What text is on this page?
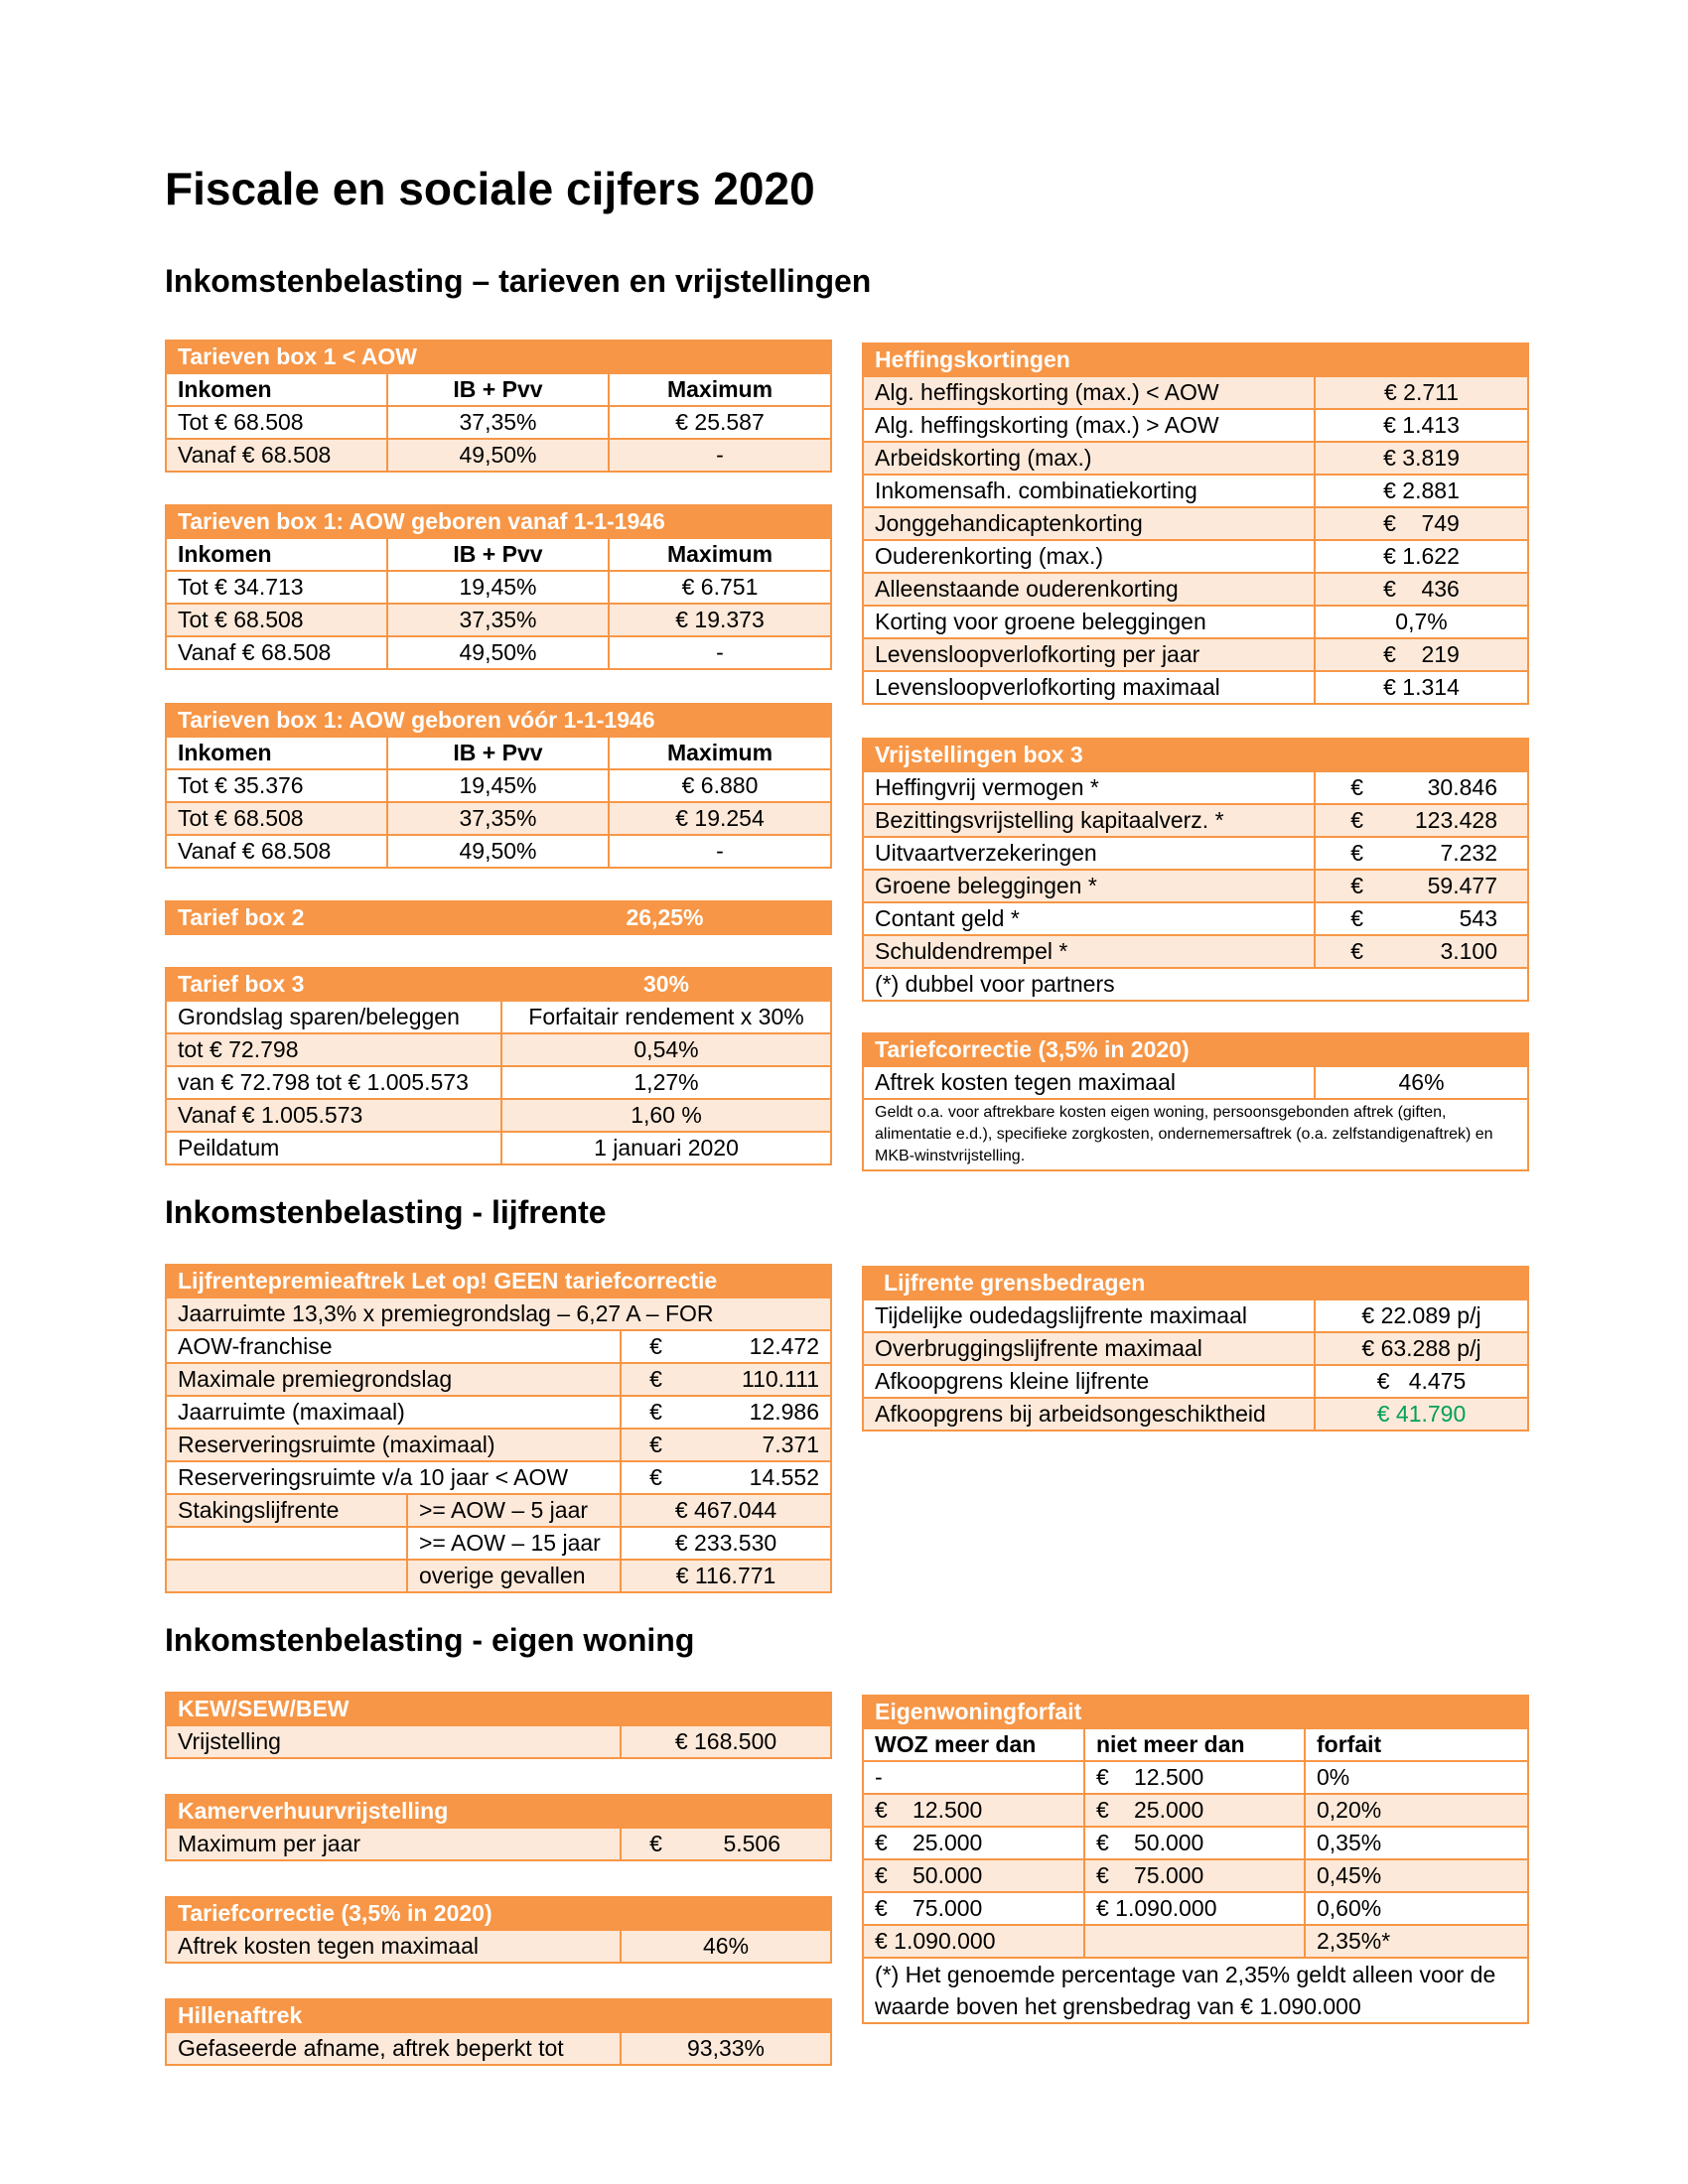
Fiscale en sociale cijfers 2020
Inkomstenbelasting – tarieven en vrijstellingen
Inkomstenbelasting - lijfrente
Inkomstenbelasting - eigen woning
Tarieven box 1 < AOW		
Inkomen	IB + Pvv	Maximum
Tot € 68.508	37,35%	€ 25.587
Vanaf € 68.508	49,50%	-
Tarieven box 1: AOW geboren vanaf 1-1-1946		
Inkomen	IB + Pvv	Maximum
Tot € 34.713	19,45%	€ 6.751
Tot € 68.508	37,35%	€ 19.373
Vanaf € 68.508	49,50%	-
Tarieven box 1: AOW geboren vóór 1-1-1946		
Inkomen	IB + Pvv	Maximum
Tot € 35.376	19,45%	€ 6.880
Tot € 68.508	37,35%	€ 19.254
Vanaf € 68.508	49,50%	-
Tarief box 2	26,25%
Tarief box 3	30%
Grondslag sparen/beleggen	Forfaitair rendement x 30%
tot € 72.798	0,54%
van € 72.798 tot € 1.005.573	1,27%
Vanaf € 1.005.573	1,60 %
Peildatum	1 januari 2020
Heffingskortingen	
Alg. heffingskorting (max.) < AOW	€ 2.711
Alg. heffingskorting (max.) > AOW	€ 1.413
Arbeidskorting (max.)	€ 3.819
Inkomensafh. combinatiekorting	€ 2.881
Jonggehandicaptenkorting	€    749
Ouderenkorting (max.)	€ 1.622
Alleenstaande ouderenkorting	€    436
Korting voor groene beleggingen	0,7%
Levensloopverlofkorting per jaar	€    219
Levensloopverlofkorting maximaal	€ 1.314
Vrijstellingen box 3		
Heffingvrij vermogen *	€	30.846
Bezittingsvrijstelling kapitaalverz. *	€	123.428
Uitvaartverzekeringen	€	7.232
Groene beleggingen *	€	59.477
Contant geld *	€	543
Schuldendrempel *	€	3.100
(*) dubbel voor partners		
Tariefcorrectie (3,5% in 2020)
Aftrek kosten tegen maximaal	46%
Geldt o.a. voor aftrekbare kosten eigen woning, persoonsgebonden aftrek (giften, alimentatie e.d.), specifieke zorgkosten, ondernemersaftrek (o.a. zelfstandigenaftrek) en MKB-winstvrijstelling.
Lijfrentepremieaftrek Let op! GEEN tariefcorrectie			
Jaarruimte 13,3% x premiegrondslag – 6,27 A – FOR			
AOW-franchise		€	12.472
Maximale premiegrondslag		€	110.111
Jaarruimte (maximaal)		€	12.986
Reserveringsruimte (maximaal)		€	7.371
Reserveringsruimte v/a 10 jaar < AOW		€	14.552
Stakingslijfrente	>= AOW – 5 jaar	€ 467.044	
	>= AOW – 15 jaar	€ 233.530	
	overige gevallen	€ 116.771	
Lijfrente grensbedragen	
Tijdelijke oudedagslijfrente maximaal	€ 22.089 p/j
Overbruggingslijfrente maximaal	€ 63.288 p/j
Afkoopgrens kleine lijfrente	€   4.475
Afkoopgrens bij arbeidsongeschiktheid	€ 41.790
KEW/SEW/BEW
Vrijstelling	€ 168.500
Kamerverhuurvrijstelling
Maximum per jaar	€	5.506
Tariefcorrectie (3,5% in 2020)
Aftrek kosten tegen maximaal	46%
Hillenaftrek
Gefaseerde afname, aftrek beperkt tot	93,33%
Eigenwoningforfait				
WOZ meer dan		niet meer dan		forfait
-		€	12.500	0%
€	12.500	€	25.000	0,20%
€	25.000	€	50.000	0,35%
€	50.000	€	75.000	0,45%
€	75.000	€ 1.090.000		0,60%
€ 1.090.000				2,35%*
(*) Het genoemde percentage van 2,35% geldt alleen voor de waarde boven het grensbedrag van € 1.090.000				
